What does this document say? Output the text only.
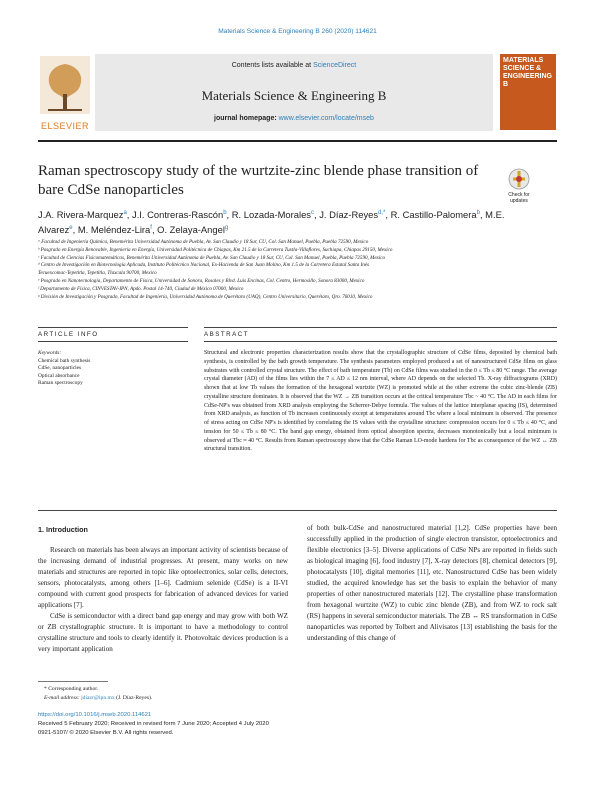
Materials Science & Engineering B 260 (2020) 114621
ELSEVIER
Contents lists available at ScienceDirect
Materials Science & Engineering B
journal homepage: www.elsevier.com/locate/mseb
MATERIALS SCIENCE & ENGINEERING B
Raman spectroscopy study of the wurtzite-zinc blende phase transition of bare CdSe nanoparticles	Check for updates
J.A. Rivera-Marquez$^a$, J.I. Contreras-Rascón$^b$, R. Lozada-Morales$^c$, J. Díaz-Reyes$^{d,*}$, R. Castillo-Palomera$^b$, M.E. Alvarez$^e$, M. Meléndez-Lira$^f$, O. Zelaya-Angel$^g$
ᵃ Facultad de Ingeniería Química, Benemérita Universidad Autónoma de Puebla, Av. San Claudio y 18 Sur, CU, Col. San Manuel, Puebla, Puebla 72590, Mexico
ᵇ Posgrado en Energía Renovable, Ingeniería en Energía, Universidad Politécnica de Chiapas, Km 21.5 de la Carretera Tuxtla-Villaflores, Suchiapa, Chiapas 29150, Mexico
ᶜ Facultad de Ciencias Fisicomatemáticas, Benemérita Universidad Autónoma de Puebla, Av. San Claudio y 18 Sur, CU, Col. San Manuel, Puebla, Puebla 72590, Mexico
ᵈ Centro de Investigación en Biotecnología Aplicada, Instituto Politécnico Nacional, Ex-Hacienda de San Juan Molino, Km 1.5 de la Carretera Estatal Santa Inés
Tecuexcomac-Tepetitla, Tepetitla, Tlaxcala 90700, Mexico
ᵉ Posgrado en Nanotecnología, Departamento de Física, Universidad de Sonora, Rosales y Blvd. Luis Encinas, Col. Centro, Hermosillo, Sonora 83000, Mexico
ᶠ Departamento de Física, CINVESTAV-IPN, Apdo. Postal 14-740, Ciudad de México 07000, Mexico
ᵍ División de Investigación y Posgrado, Facultad de Ingeniería, Universidad Autónoma de Querétaro (UAQ), Centro Universitario, Querétaro, Qro. 76010, Mexico
ARTICLE INFO	ABSTRACT
Keywords:
Chemical bath synthesis
CdSe, nanoparticles
Optical absorbance
Raman spectroscopy
Structural and electronic properties characterization results show that the crystallographic structure of CdSe films, deposited by chemical bath synthesis, is controlled by the bath growth temperature. The synthesis parameters employed produced a set of nanostructured CdSe films on glass substrates with controlled crystal structure. The effect of bath temperature (Tb) on CdSe films was studied in the 0 ≤ Tb ≤ 80 °C range. The average crystal diameter (AD) of the films lies within the 7 ≤ AD ≤ 12 nm interval, where AD depends on the selected Tb. X-ray diffractograms (XRD) shown that at low Tb values the formation of the hexagonal wurtzite (WZ) is promoted while at the other extreme the cubic zinc-blende (ZB) crystalline structure dominates. It is observed that the WZ → ZB transition occurs at the critical temperature Tbc ~ 40 °C. The AD in each films for CdSe-NP's was obtained from XRD analysis employing the Scherrer-Debye formula. The values of the lattice interplanar spacing (IS), determined from XRD analysis, as function of Tb increases continuously except at temperatures around Tbc where a local minimum is observed. The presence of stress acting on CdSe NP's is identified by correlating the IS values with the crystalline structure: compression occurs for 0 ≤ Tb ≤ 40 °C, and tension for 50 ≤ Tb ≤ 80 °C. The band gap energy, obtained from optical absorption spectra, decreases monotonically but a local minimum is observed at Tbc ≈ 40 °C. Results from Raman spectroscopy show that the CdSe Raman LO-mode hardens for Tbc as consequence of the WZ ↔ ZB structural transition.
1. Introduction
Research on materials has been always an important activity of scientists because of the increasing demand of industrial progresses. At present, many works on new materials and structures are reported in topic like optoelectronics, solar cells, detectors, sensors, photocatalysts, among others [1–6]. Cadmium selenide (CdSe) is a II-VI compound with current good prospects for fabrication of advanced devices for varied applications [7].
CdSe is semiconductor with a direct band gap energy and may grow with both WZ or ZB crystallographic structure. It is important to have a methodology to control crystalline structure and tools to clearly identify it. Photovoltaic devices production is a very important application
of both bulk-CdSe and nanostructured material [1,2]. CdSe properties have been successfully applied in the production of single electron transistor, optoelectronics and flexible electronics [3–5]. Diverse applications of CdSe NPs are reported in fields such as biological imaging [6], food industry [7], X-ray detectors [8], chemical detectors [9], photocatalysts [10], digital memories [11], etc. Nanostructured CdSe has been widely studied, the acquired knowledge has set the basis to explain the behavior of many properties of other nanostructured materials [12]. The crystalline phase transformation from hexagonal wurtzite (WZ) to cubic zinc blende (ZB), and from WZ to rock salt (RS) happens in several semiconductor materials. The ZB ↔ RS transformation in CdSe nanoparticles was reported by Tolbert and Alivisatos [13] establishing the basis for the understanding of this change of
* Corresponding author.
E-mail address: jdiazr@ipn.mx (J. Díaz-Reyes).
https://doi.org/10.1016/j.mseb.2020.114621
Received 5 February 2020; Received in revised form 7 June 2020; Accepted 4 July 2020
0921-5107/ © 2020 Elsevier B.V. All rights reserved.
